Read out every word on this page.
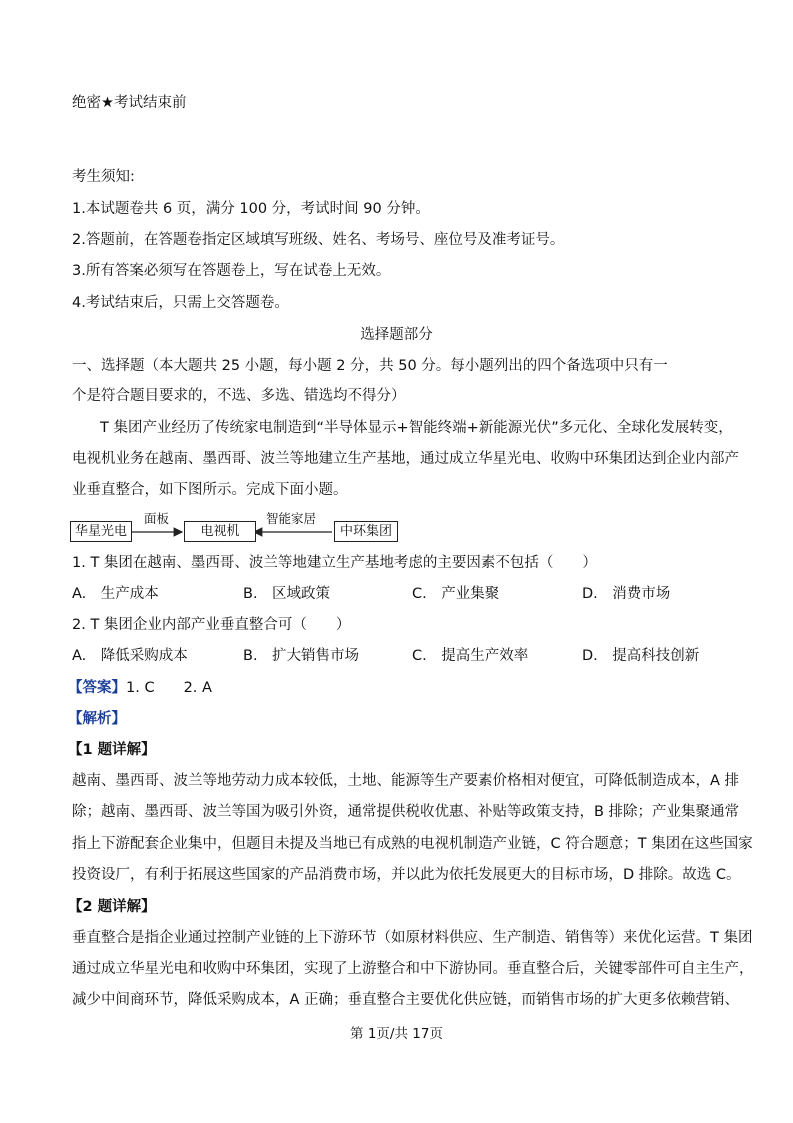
绝密★考试结束前
考生须知:
1.本试题卷共 6 页，满分 100 分，考试时间 90 分钟。
2.答题前，在答题卷指定区域填写班级、姓名、考场号、座位号及准考证号。
3.所有答案必须写在答题卷上，写在试卷上无效。
4.考试结束后，只需上交答题卷。
选择题部分
一、选择题（本大题共 25 小题，每小题 2 分，共 50 分。每小题列出的四个备选项中只有一
个是符合题目要求的，不选、多选、错选均不得分）
T 集团产业经历了传统家电制造到“半导体显示+智能终端+新能源光伏”多元化、全球化发展转变，
电视机业务在越南、墨西哥、波兰等地建立生产基地，通过成立华星光电、收购中环集团达到企业内部产
业垂直整合，如下图所示。完成下面小题。
华星光电
面板
电视机
智能家居
中环集团
1. T 集团在越南、墨西哥、波兰等地建立生产基地考虑的主要因素不包括（　　）
A.　生产成本	B.　区域政策	C.　产业集聚	D.　消费市场
2. T 集团企业内部产业垂直整合可（　　）
A.　降低采购成本	B.　扩大销售市场	C.　提高生产效率	D.　提高科技创新
【答案】1. C　　2. A
【解析】
【1 题详解】
越南、墨西哥、波兰等地劳动力成本较低，土地、能源等生产要素价格相对便宜，可降低制造成本，A 排
除；越南、墨西哥、波兰等国为吸引外资，通常提供税收优惠、补贴等政策支持，B 排除；产业集聚通常
指上下游配套企业集中，但题目未提及当地已有成熟的电视机制造产业链，C 符合题意；T 集团在这些国家
投资设厂，有利于拓展这些国家的产品消费市场，并以此为依托发展更大的目标市场，D 排除。故选 C。
【2 题详解】
垂直整合是指企业通过控制产业链的上下游环节（如原材料供应、生产制造、销售等）来优化运营。T 集团
通过成立华星光电和收购中环集团，实现了上游整合和中下游协同。垂直整合后，关键零部件可自主生产，
减少中间商环节，降低采购成本，A 正确；垂直整合主要优化供应链，而销售市场的扩大更多依赖营销、
第 1页/共 17页
